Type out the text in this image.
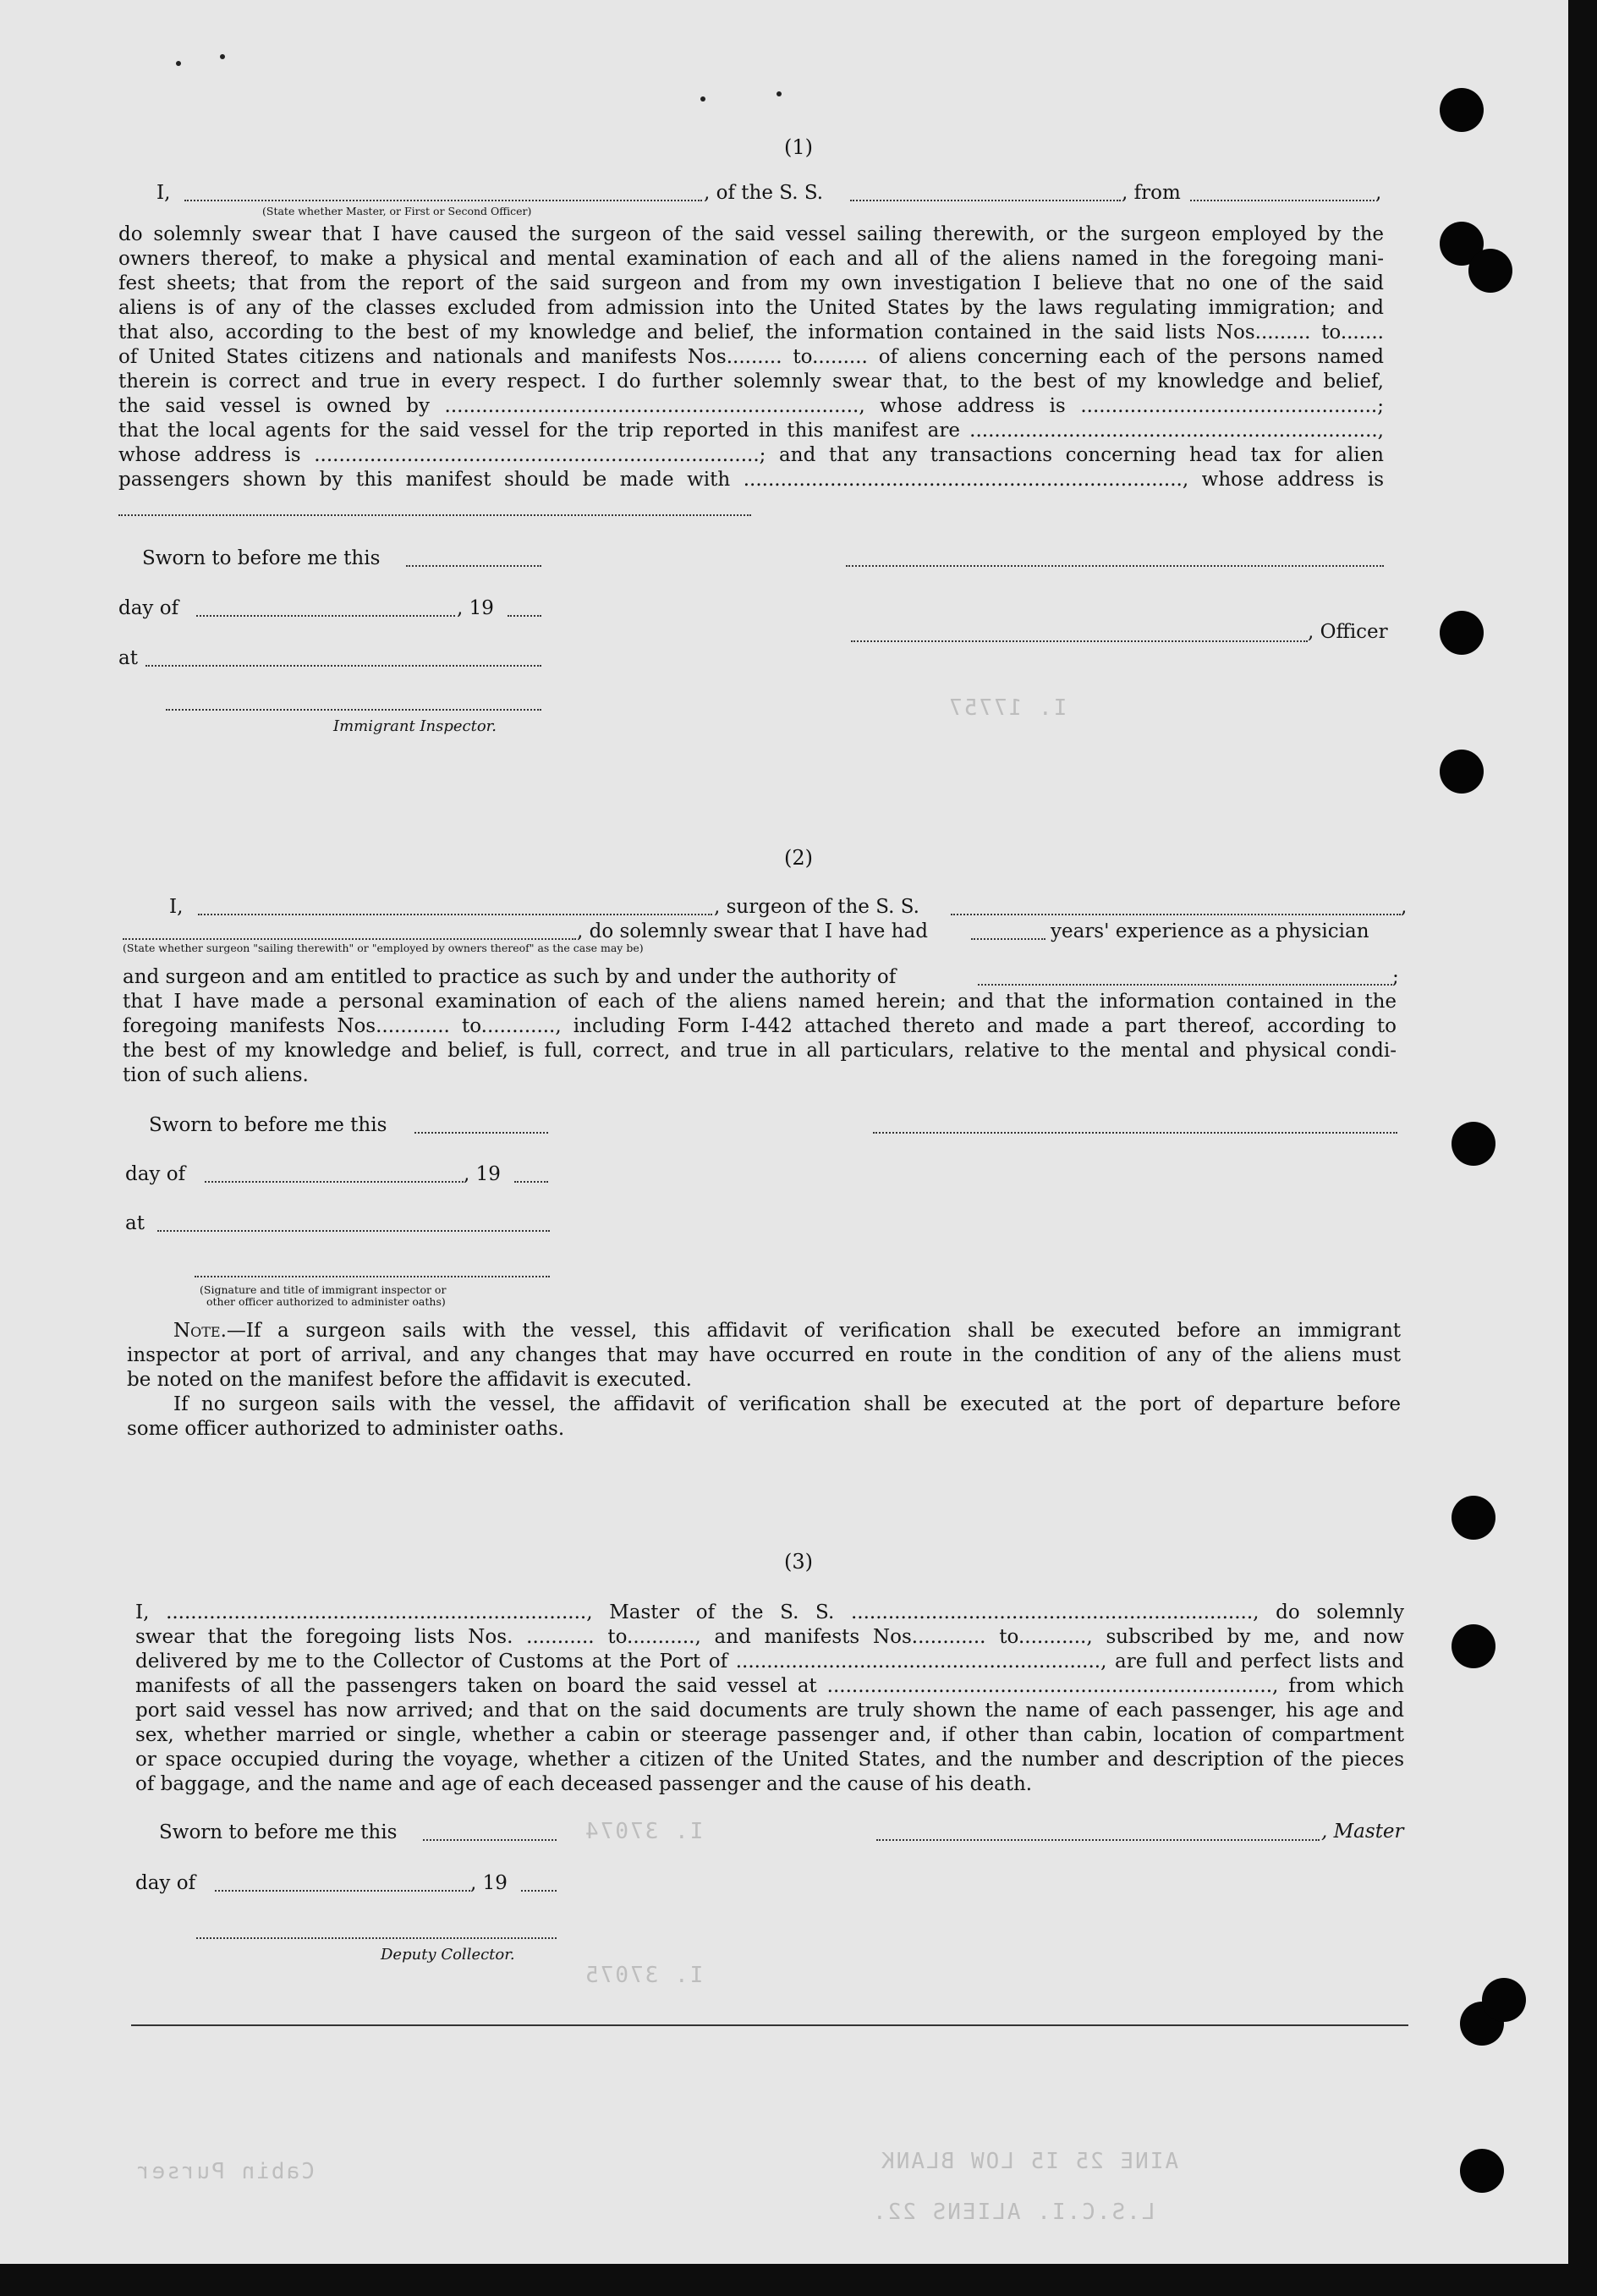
I. 17757
I. 37074
I. 37075
AINE 25 I5 LOW BLANK
L.S.C.I. ALIENS 22.
Cabin Purser
(1)
I,	, of the S. S.	, from	,
(State whether Master, or First or Second Officer)
do solemnly swear that I have caused the surgeon of the said vessel sailing therewith, or the surgeon employed by the
owners thereof, to make a physical and mental examination of each and all of the aliens named in the foregoing mani-
fest sheets; that from the report of the said surgeon and from my own investigation I believe that no one of the said
aliens is of any of the classes excluded from admission into the United States by the laws regulating immigration; and
that also, according to the best of my knowledge and belief, the information contained in the said lists Nos......... to.......
of United States citizens and nationals and manifests Nos......... to......... of aliens concerning each of the persons named
therein is correct and true in every respect. I do further solemnly swear that, to the best of my knowledge and belief,
the said vessel is owned by ..................................................................., whose address is ................................................;
that the local agents for the said vessel for the trip reported in this manifest are ..................................................................,
whose address is ........................................................................; and that any transactions concerning head tax for alien
passengers shown by this manifest should be made with ......................................................................., whose address is
Sworn to before me this
day of	, 19
, Officer
at
Immigrant Inspector.
(2)
I,	, surgeon of the S. S.	,
, do solemnly swear that I have had	years' experience as a physician
(State whether surgeon "sailing therewith" or "employed by owners thereof" as the case may be)
and surgeon and am entitled to practice as such by and under the authority of	;
that I have made a personal examination of each of the aliens named herein; and that the information contained in the
foregoing manifests Nos............ to............, including Form I-442 attached thereto and made a part thereof, according to
the best of my knowledge and belief, is full, correct, and true in all particulars, relative to the mental and physical condi-
tion of such aliens.
Sworn to before me this
day of	, 19
at
(Signature and title of immigrant inspector or
other officer authorized to administer oaths)
Note.—If a surgeon sails with the vessel, this affidavit of verification shall be executed before an immigrant
inspector at port of arrival, and any changes that may have occurred en route in the condition of any of the aliens must
be noted on the manifest before the affidavit is executed.
If no surgeon sails with the vessel, the affidavit of verification shall be executed at the port of departure before
some officer authorized to administer oaths.
(3)
I, ...................................................................., Master of the S. S. ................................................................., do solemnly
swear that the foregoing lists Nos. ........... to..........., and manifests Nos............ to..........., subscribed by me, and now
delivered by me to the Collector of Customs at the Port of ..........................................................., are full and perfect lists and
manifests of all the passengers taken on board the said vessel at ........................................................................, from which
port said vessel has now arrived; and that on the said documents are truly shown the name of each passenger, his age and
sex, whether married or single, whether a cabin or steerage passenger and, if other than cabin, location of compartment
or space occupied during the voyage, whether a citizen of the United States, and the number and description of the pieces
of baggage, and the name and age of each deceased passenger and the cause of his death.
Sworn to before me this	, Master
day of	, 19
Deputy Collector.
